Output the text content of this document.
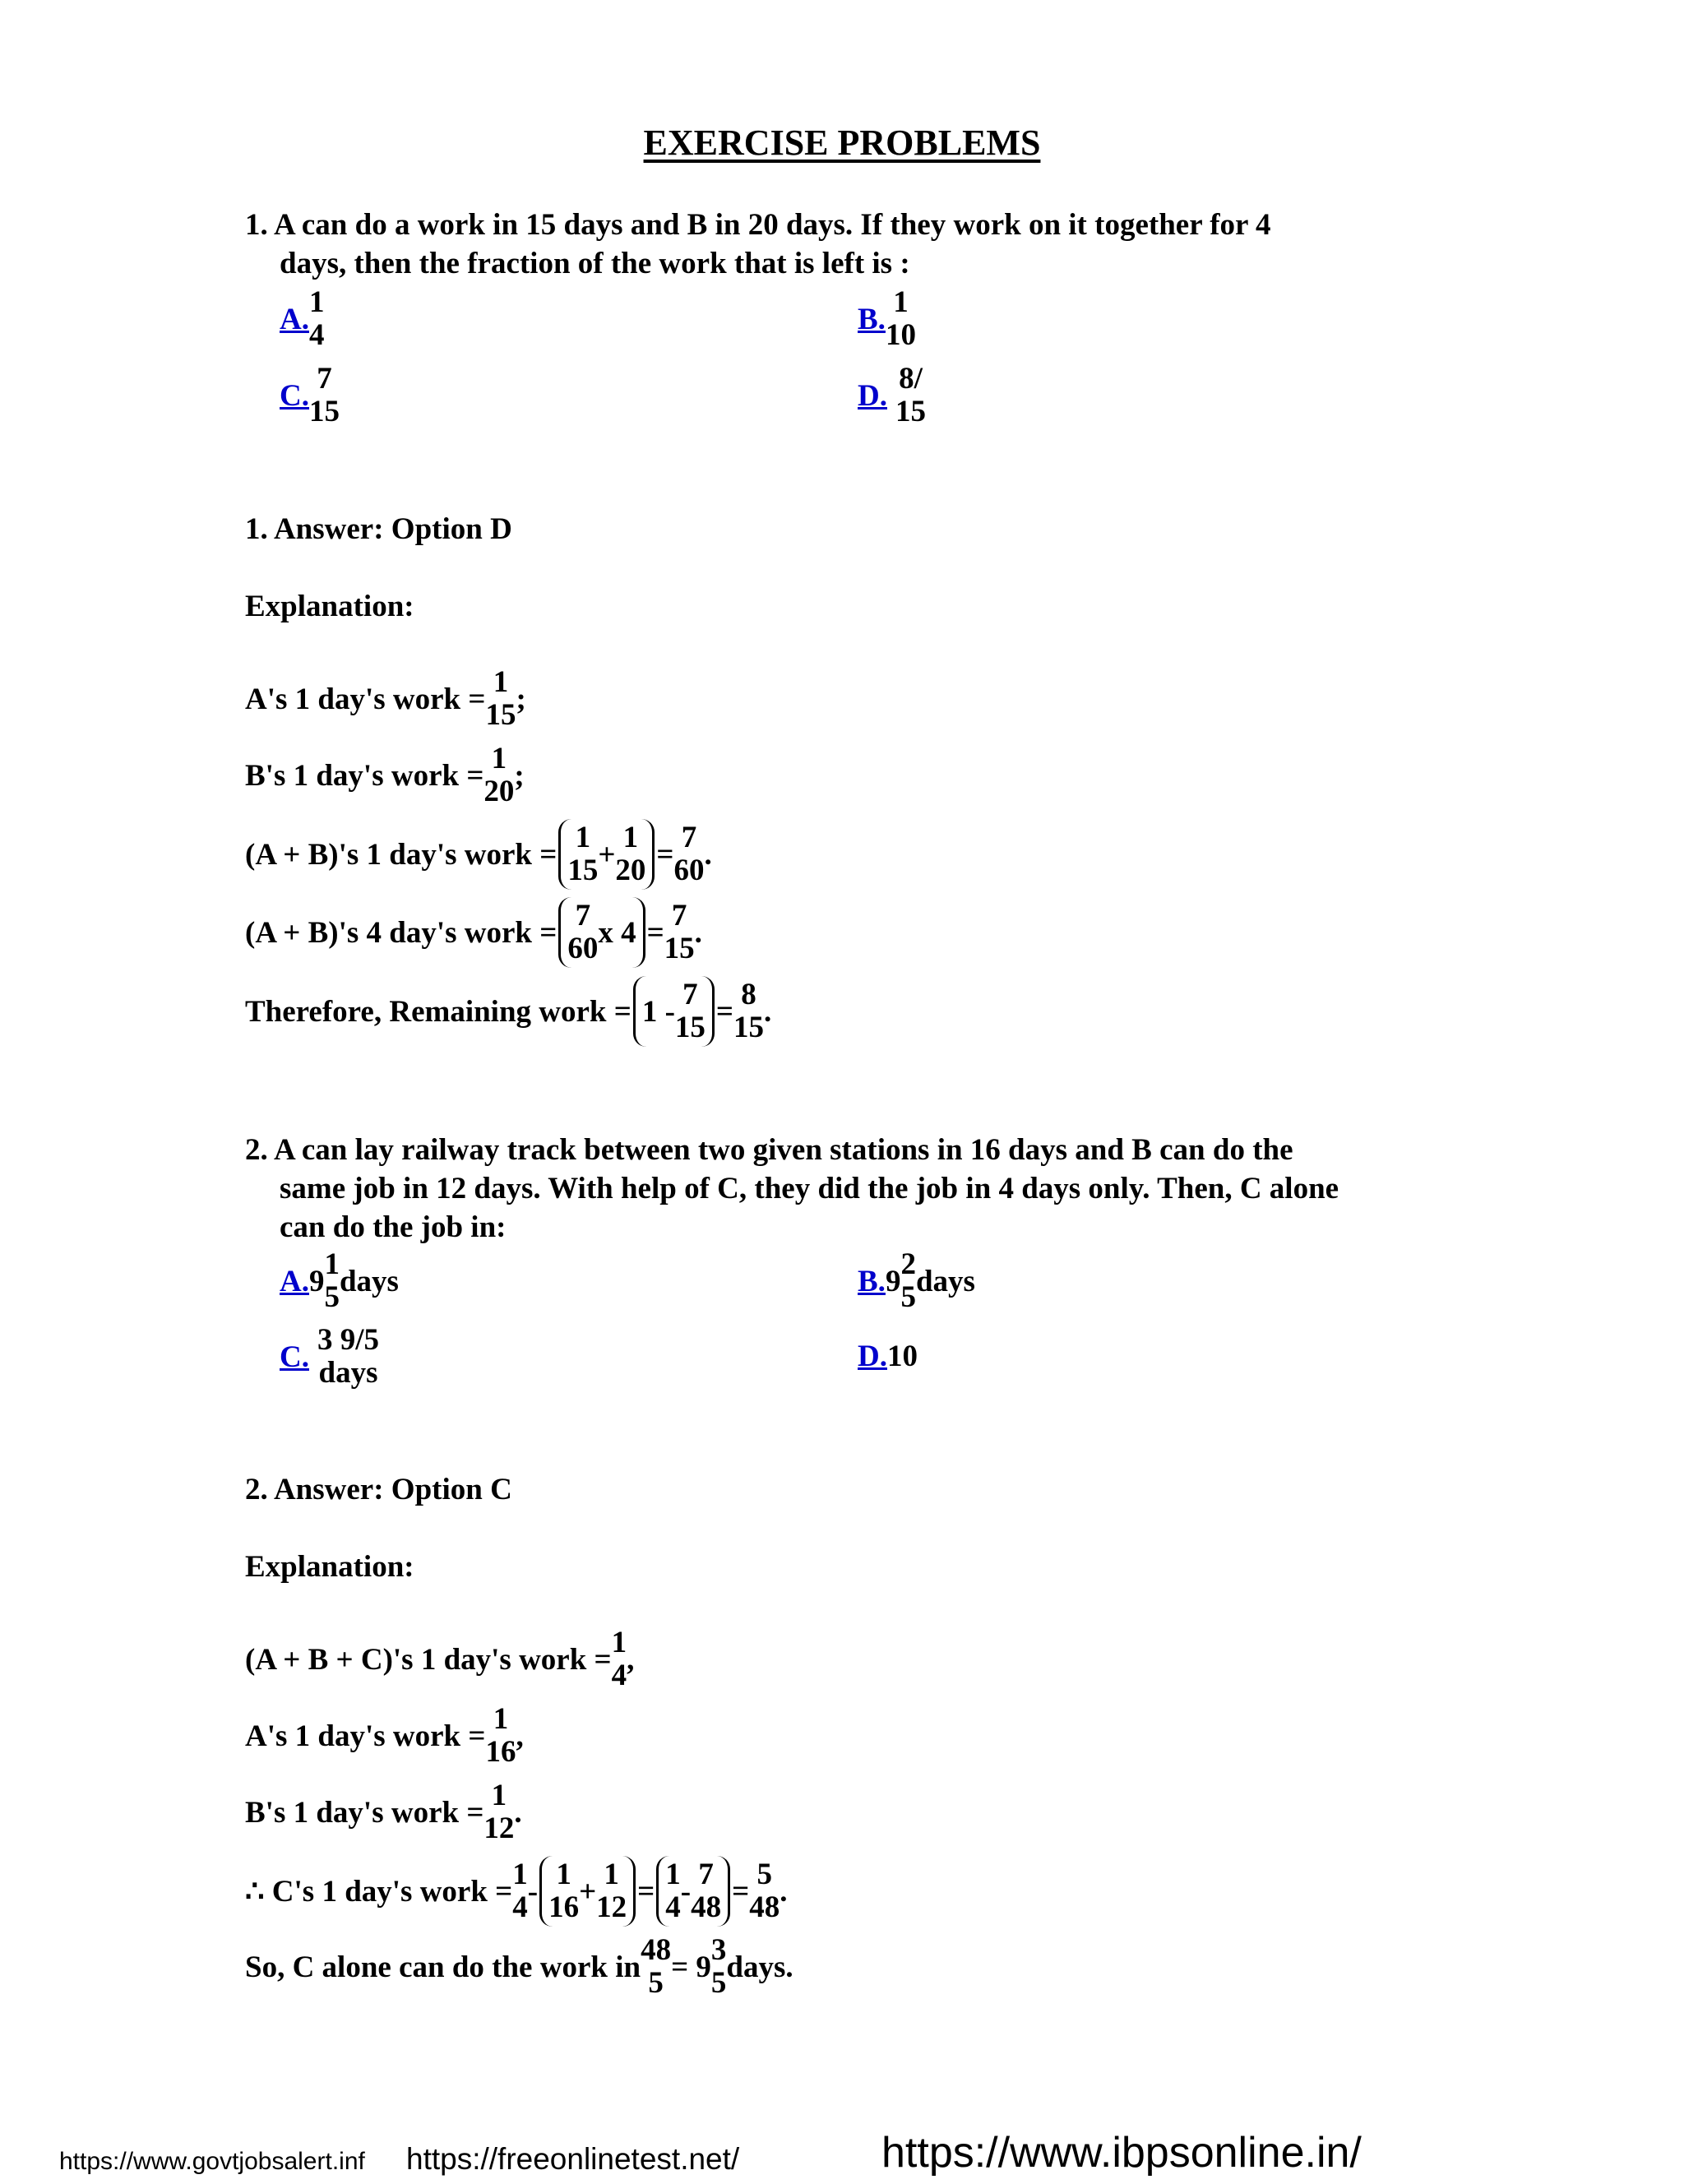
EXERCISE PROBLEMS
1. A can do a work in 15 days and B in 20 days. If they work on it together for 4
days, then the fraction of the work that is left is :
A. 1
4	B. 1
10
C. 7
15	D. 8/
15
1. Answer: Option D
Explanation:
A's 1 day's work = 1
15 ;
B's 1 day's work = 1
20 ;
(A + B)'s 1 day's work = 1
15 + 1
20 = 7
60 .
(A + B)'s 4 day's work = 7
60 x 4 = 7
15 .
Therefore, Remaining work = 1 - 7
15 = 8
15 .
2. A can lay railway track between two given stations in 16 days and B can do the
same job in 12 days. With help of C, they did the job in 4 days only. Then, C alone
can do the job in:
A. 9 1
5 days	B. 9 2
5 days
C. 3 9/5
days	D. 10
2. Answer: Option C
Explanation:
(A + B + C)'s 1 day's work = 1
4 ,
A's 1 day's work = 1
16 ,
B's 1 day's work = 1
12 .
∴ C's 1 day's work =
1
4 - 1
16 + 1
12 = 1
4 - 7
48 = 5
48 .
So, C alone can do the work in 48
5 = 9 3
5 days.
https://www.govtjobsalert.inf https://freeonlinetest.net/	https://www.ibpsonline.in/
